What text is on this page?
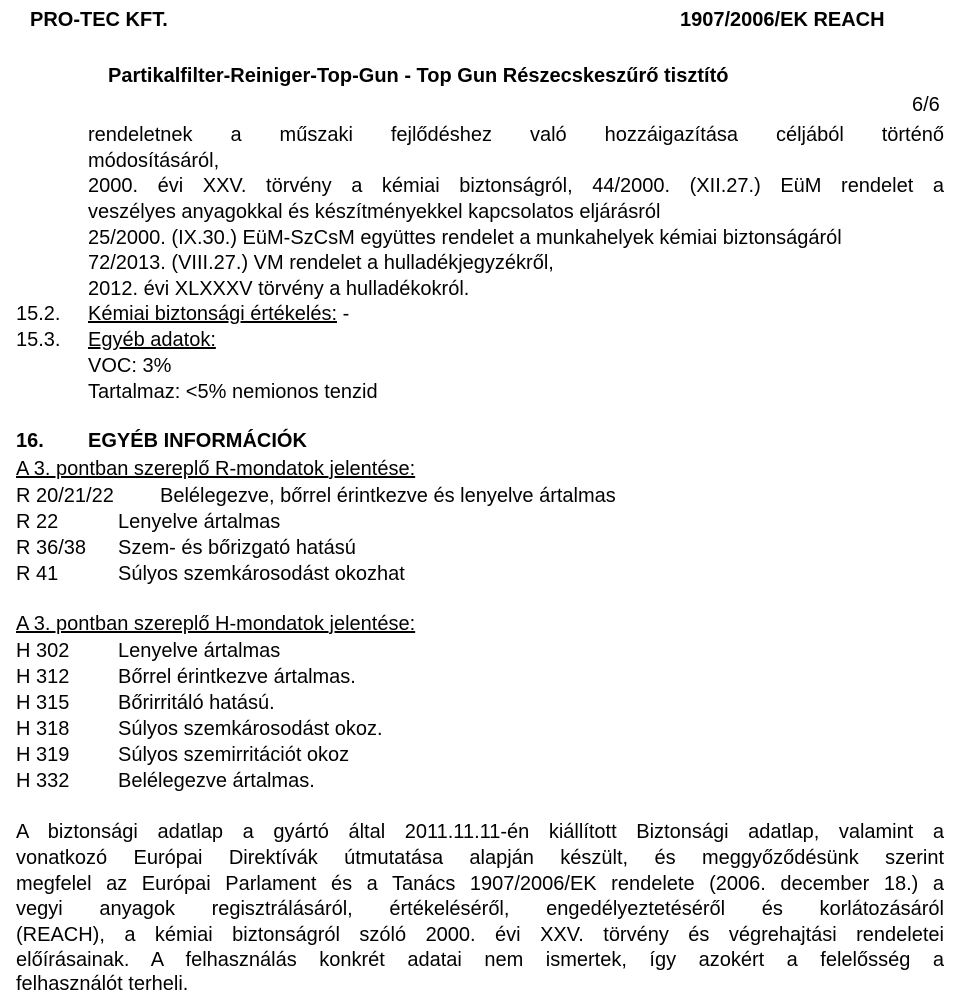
PRO-TEC KFT.	1907/2006/EK REACH
Partikalfilter-Reiniger-Top-Gun - Top Gun Részecskeszűrő tisztító
6/6
rendeletnek a műszaki fejlődéshez való hozzáigazítása céljából történő
módosításáról,
2000. évi XXV. törvény a kémiai biztonságról, 44/2000. (XII.27.) EüM rendelet a
veszélyes anyagokkal és készítményekkel kapcsolatos eljárásról
25/2000. (IX.30.) EüM-SzCsM együttes rendelet a munkahelyek kémiai biztonságáról
72/2013. (VIII.27.) VM rendelet a hulladékjegyzékről,
2012. évi XLXXXV törvény a hulladékokról.
15.2. Kémiai biztonsági értékelés: -
15.3. Egyéb adatok:
VOC: 3%
Tartalmaz: <5% nemionos tenzid
16. EGYÉB INFORMÁCIÓK
A 3. pontban szereplő R-mondatok jelentése:
R 20/21/22 Belélegezve, bőrrel érintkezve és lenyelve ártalmas
R 22	Lenyelve ártalmas
R 36/38 Szem- és bőrizgató hatású
R 41	Súlyos szemkárosodást okozhat
A 3. pontban szereplő H-mondatok jelentése:
H 302 Lenyelve ártalmas
H 312 Bőrrel érintkezve ártalmas.
H 315 Bőrirritáló hatású.
H 318 Súlyos szemkárosodást okoz.
H 319 Súlyos szemirritációt okoz
H 332 Belélegezve ártalmas.
A biztonsági adatlap a gyártó által 2011.11.11-én kiállított Biztonsági adatlap, valamint a
vonatkozó Európai Direktívák útmutatása alapján készült, és meggyőződésünk szerint
megfelel az Európai Parlament és a Tanács 1907/2006/EK rendelete (2006. december 18.) a
vegyi anyagok regisztrálásáról, értékeléséről, engedélyeztetéséről és korlátozásáról
(REACH), a kémiai biztonságról szóló 2000. évi XXV. törvény és végrehajtási rendeletei
előírásainak. A felhasználás konkrét adatai nem ismertek, így azokért a felelősség a
felhasználót terheli.
